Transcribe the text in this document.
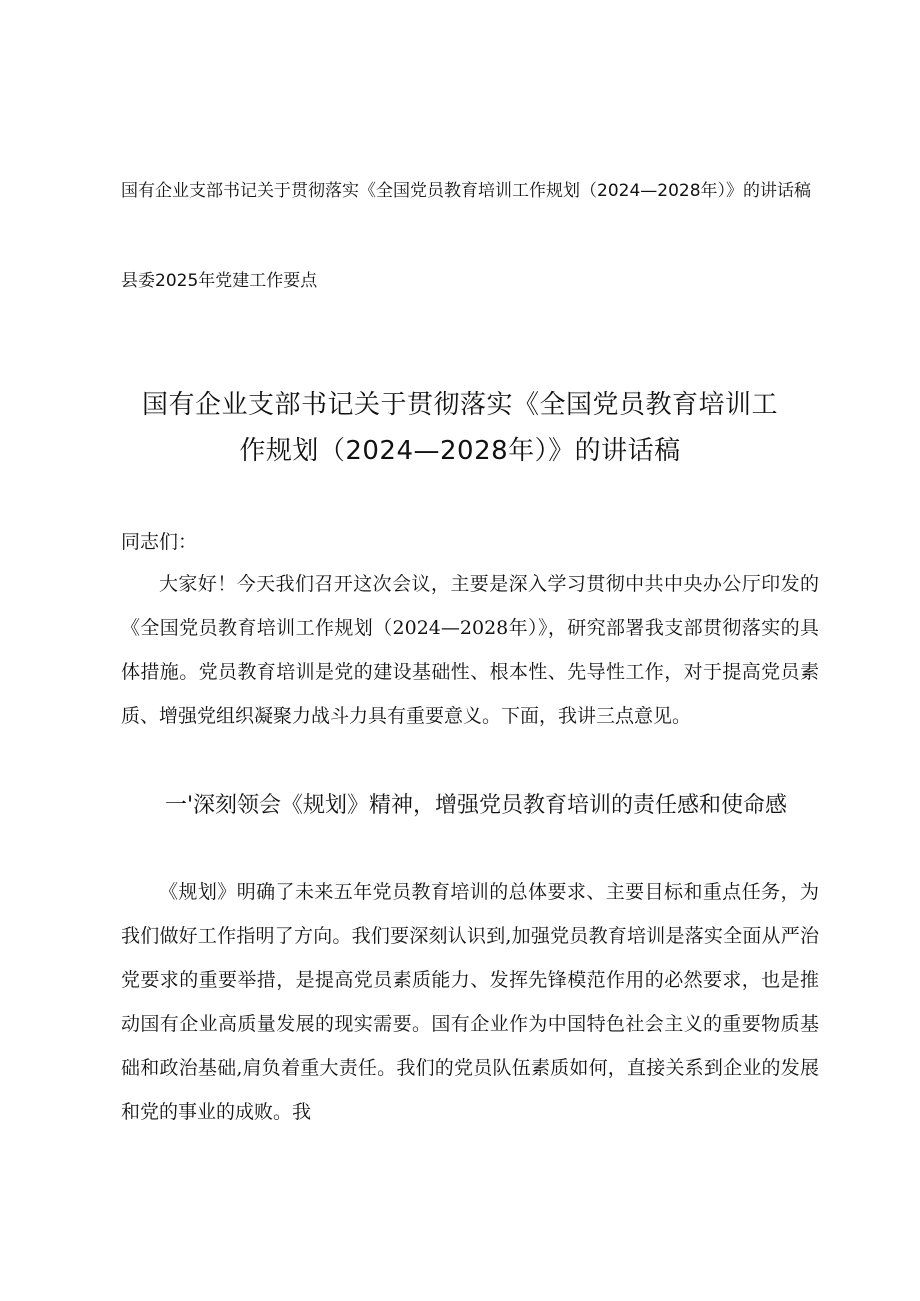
国有企业支部书记关于贯彻落实《全国党员教育培训工作规划（2024—2028年）》的讲话稿

县委2025年党建工作要点

国有企业支部书记关于贯彻落实《全国党员教育培训工作规划（2024—2028年）》的讲话稿

同志们：

大家好！今天我们召开这次会议，主要是深入学习贯彻中共中央办公厅印发的《全国党员教育培训工作规划（2024—2028年）》，研究部署我支部贯彻落实的具体措施。党员教育培训是党的建设基础性、根本性、先导性工作，对于提高党员素质、增强党组织凝聚力战斗力具有重要意义。下面，我讲三点意见。

一'深刻领会《规划》精神，增强党员教育培训的责任感和使命感

《规划》明确了未来五年党员教育培训的总体要求、主要目标和重点任务，为我们做好工作指明了方向。我们要深刻认识到,加强党员教育培训是落实全面从严治党要求的重要举措，是提高党员素质能力、发挥先锋模范作用的必然要求，也是推动国有企业高质量发展的现实需要。国有企业作为中国特色社会主义的重要物质基础和政治基础,肩负着重大责任。我们的党员队伍素质如何，直接关系到企业的发展和党的事业的成败。我
